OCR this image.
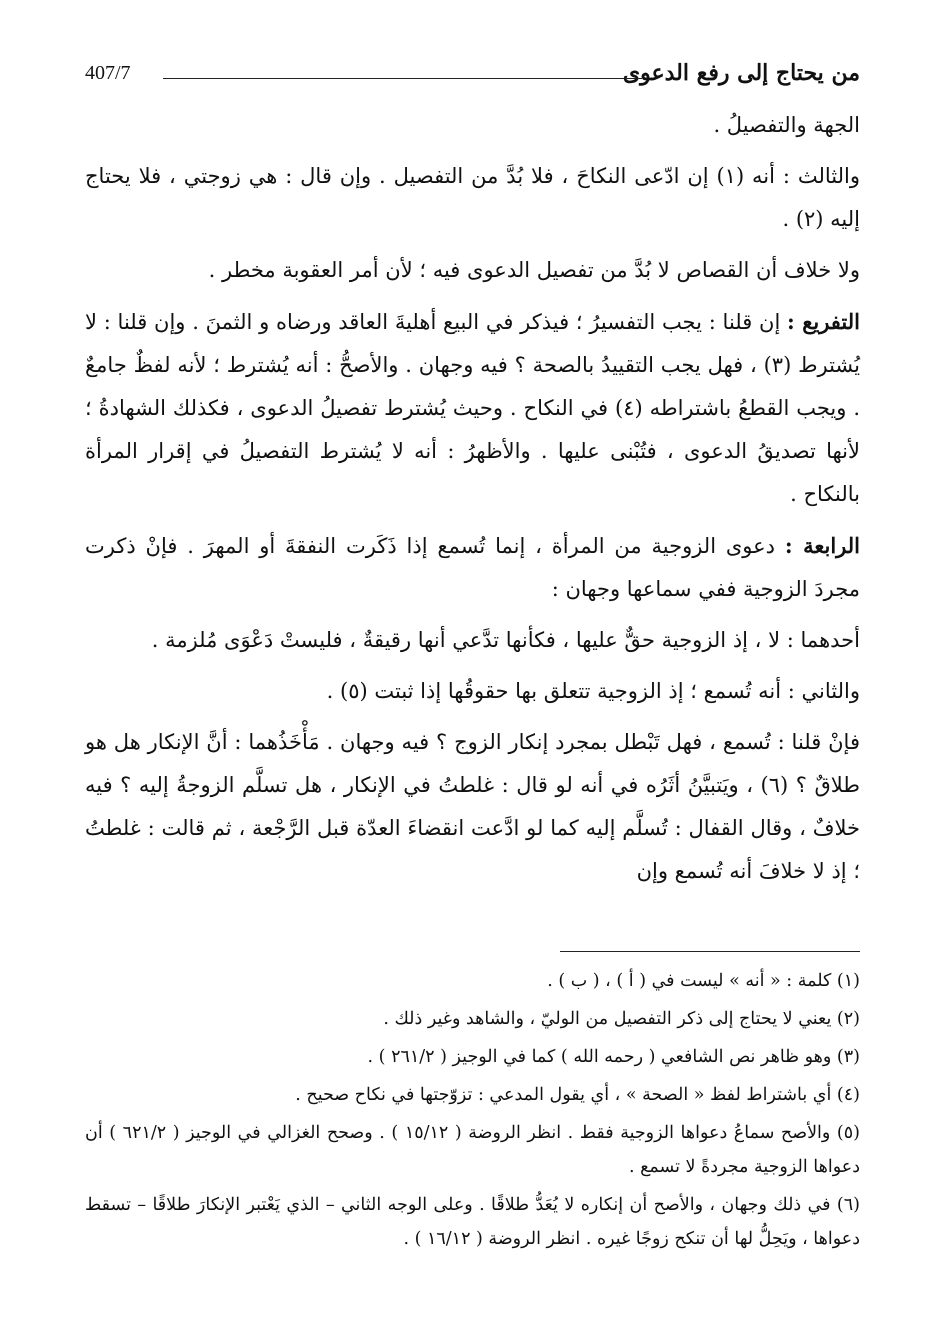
من يحتاج إلى رفع الدعوى
407/7

الجهة والتفصيلُ .

والثالث : أنه (١) إن ادّعى النكاحَ ، فلا بُدَّ من التفصيل . وإن قال : هي زوجتي ، فلا يحتاج إليه (٢) .

ولا خلاف أن القصاص لا بُدَّ من تفصيل الدعوى فيه ؛ لأن أمر العقوبة مخطر .

التفريع : إن قلنا : يجب التفسيرُ ؛ فيذكر في البيع أهليةَ العاقد ورضاه و الثمنَ . وإن قلنا : لا يُشترط (٣) ، فهل يجب التقييدُ بالصحة ؟ فيه وجهان . والأصحُّ : أنه يُشترط ؛ لأنه لفظٌ جامعٌ . ويجب القطعُ باشتراطه (٤) في النكاح . وحيث يُشترط تفصيلُ الدعوى ، فكذلك الشهادةُ ؛ لأنها تصديقُ الدعوى ، فتُبْنى عليها . والأظهرُ : أنه لا يُشترط التفصيلُ في إقرار المرأة بالنكاح .

الرابعة : دعوى الزوجية من المرأة ، إنما تُسمع إذا ذَكَرت النفقةَ أو المهرَ . فإنْ ذكرت مجردَ الزوجية ففي سماعها وجهان :

أحدهما : لا ، إذ الزوجية حقٌّ عليها ، فكأنها تدَّعي أنها رقيقةٌ ، فليستْ دَعْوَى مُلزمة .

والثاني : أنه تُسمع ؛ إذ الزوجية تتعلق بها حقوقُها إذا ثبتت (٥) .

فإنْ قلنا : تُسمع ، فهل تَبْطل بمجرد إنكار الزوج ؟ فيه وجهان . مَأْخَذُهما : أنَّ الإنكار هل هو طلاقٌ ؟ (٦) ، ويَتبيَّنُ أثَرُه في أنه لو قال : غلطتُ في الإنكار ، هل تسلَّم الزوجةُ إليه ؟ فيه خلافٌ ، وقال القفال : تُسلَّم إليه كما لو ادَّعت انقضاءَ العدّة قبل الرَّجْعة ، ثم قالت : غلطتُ ؛ إذ لا خلافَ أنه تُسمع وإن

(١) كلمة : « أنه » ليست في ( أ ) ، ( ب ) .

(٢) يعني لا يحتاج إلى ذكر التفصيل من الوليّ ، والشاهد وغير ذلك .

(٣) وهو ظاهر نص الشافعي ( رحمه الله ) كما في الوجيز ( ٢٦١/٢ ) .

(٤) أي باشتراط لفظ « الصحة » ، أي يقول المدعي : تزوّجتها في نكاح صحيح .

(٥) والأصح سماعُ دعواها الزوجية فقط . انظر الروضة ( ١٥/١٢ ) . وصحح الغزالي في الوجيز ( ٦٢١/٢ ) أن دعواها الزوجية مجردةً لا تسمع .

(٦) في ذلك وجهان ، والأصح أن إنكاره لا يُعَدُّ طلاقًا . وعلى الوجه الثاني – الذي يَعْتبر الإنكارَ طلاقًا – تسقط دعواها ، ويَحِلُّ لها أن تنكح زوجًا غيره . انظر الروضة ( ١٦/١٢ ) .
